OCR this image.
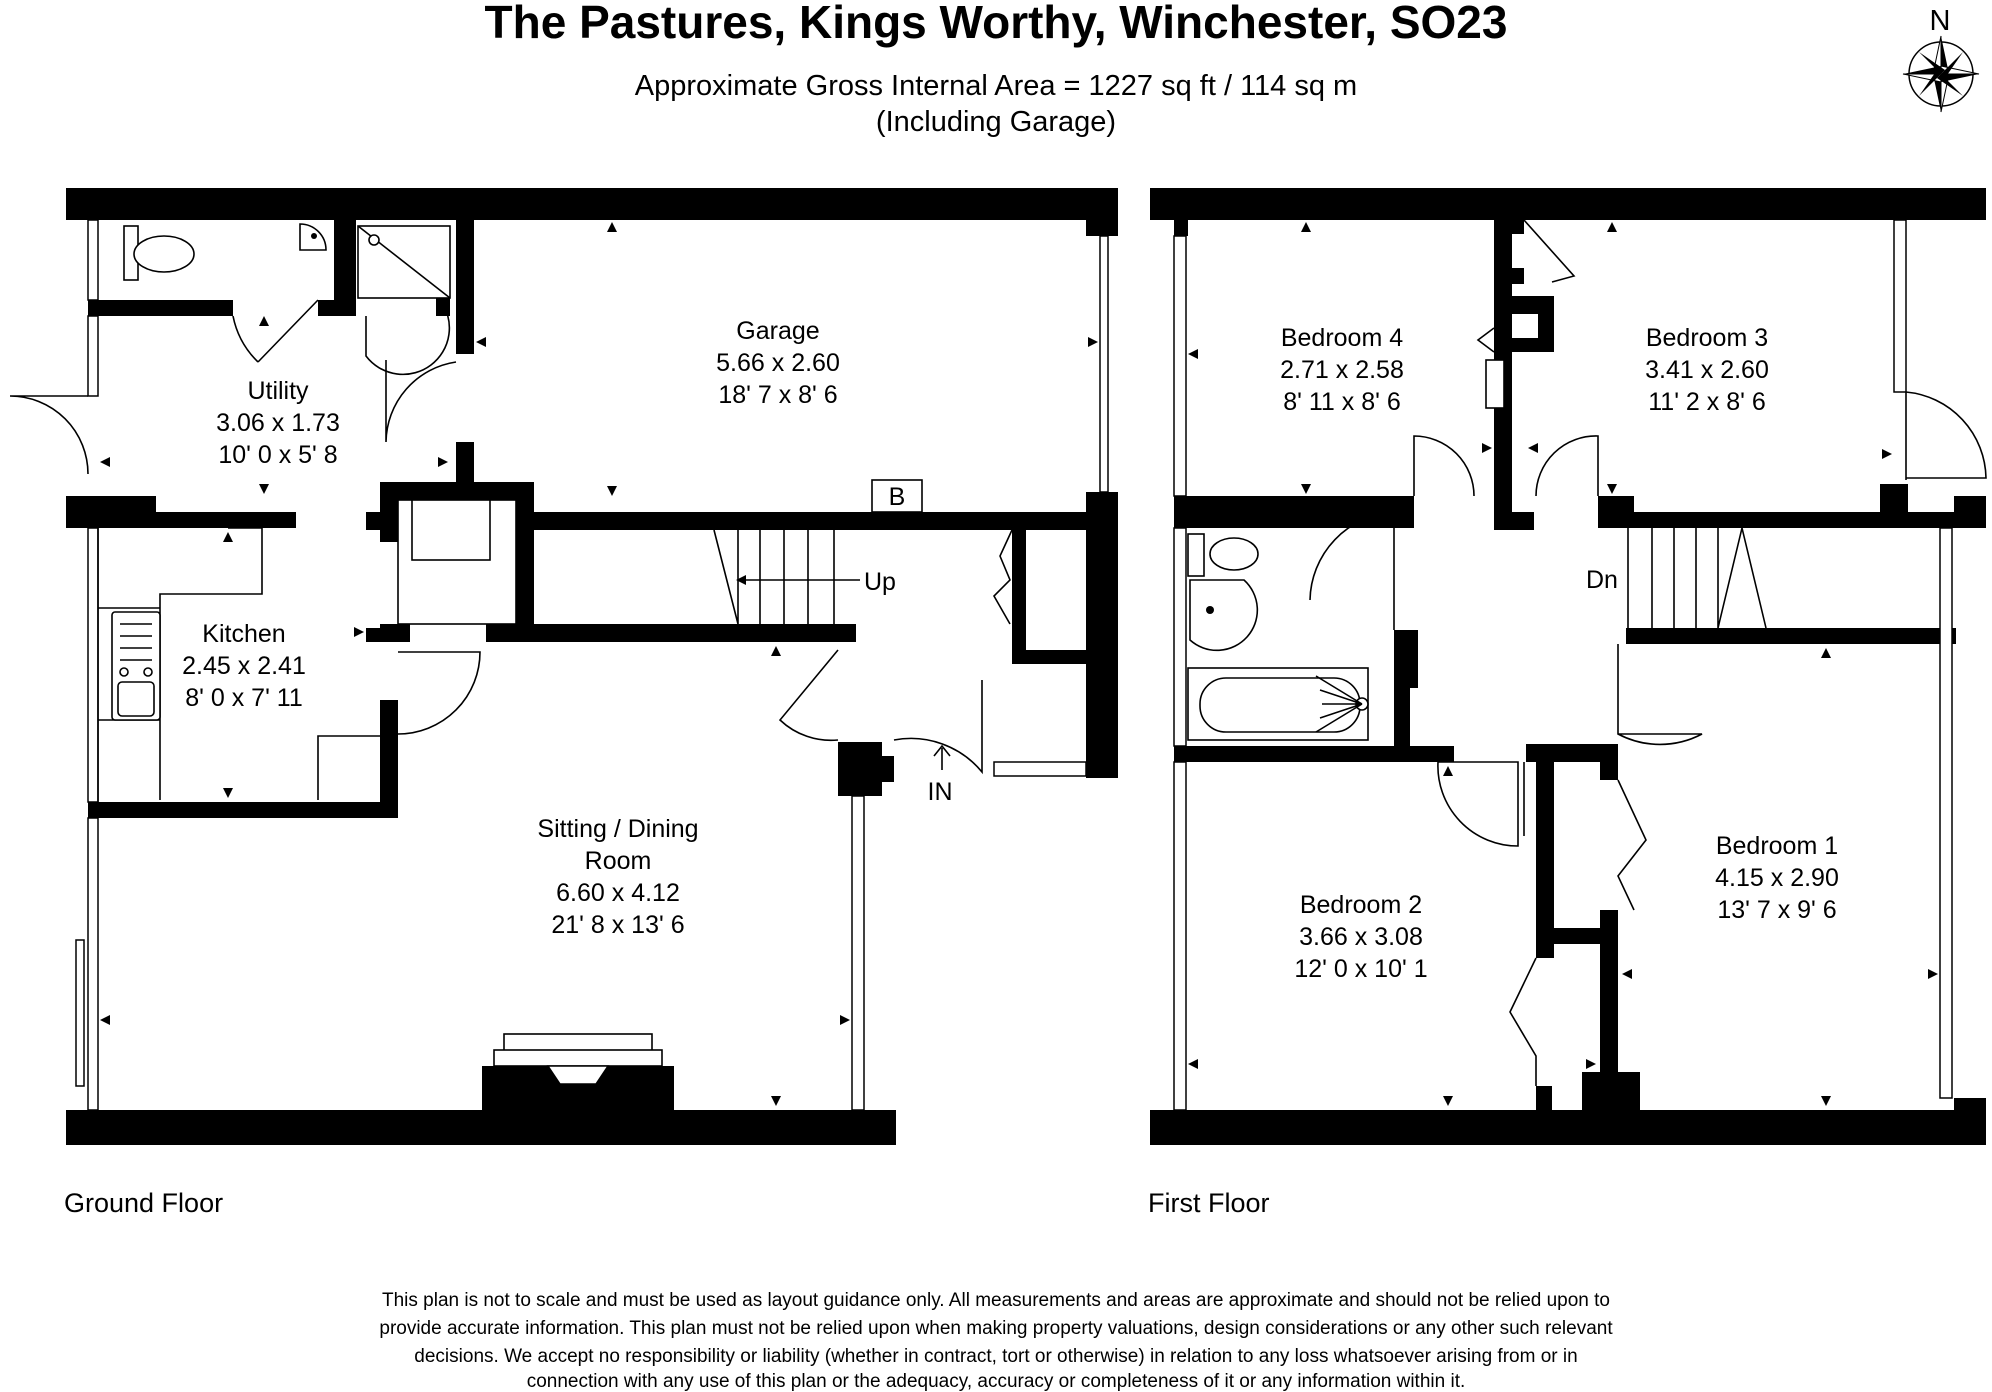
The Pastures, Kings Worthy, Winchester, SO23
Approximate Gross Internal Area = 1227 sq ft / 114 sq m
(Including Garage)
N
Up
B
IN
Garage
5.66 x 2.60
18' 7 x 8' 6
Utility
3.06 x 1.73
10' 0 x 5' 8
Kitchen
2.45 x 2.41
8' 0 x 7' 11
Sitting / Dining
Room
6.60 x 4.12
21' 8 x 13' 6
Ground Floor
Dn
Bedroom 4
2.71 x 2.58
8' 11 x 8' 6
Bedroom 3
3.41 x 2.60
11' 2 x 8' 6
Bedroom 1
4.15 x 2.90
13' 7 x 9' 6
Bedroom 2
3.66 x 3.08
12' 0 x 10' 1
First Floor
This plan is not to scale and must be used as layout guidance only. All measurements and areas are approximate and should not be relied upon to
provide accurate information. This plan must not be relied upon when making property valuations, design considerations or any other such relevant
decisions. We accept no responsibility or liability (whether in contract, tort or otherwise) in relation to any loss whatsoever arising from or in
connection with any use of this plan or the adequacy, accuracy or completeness of it or any information within it.
